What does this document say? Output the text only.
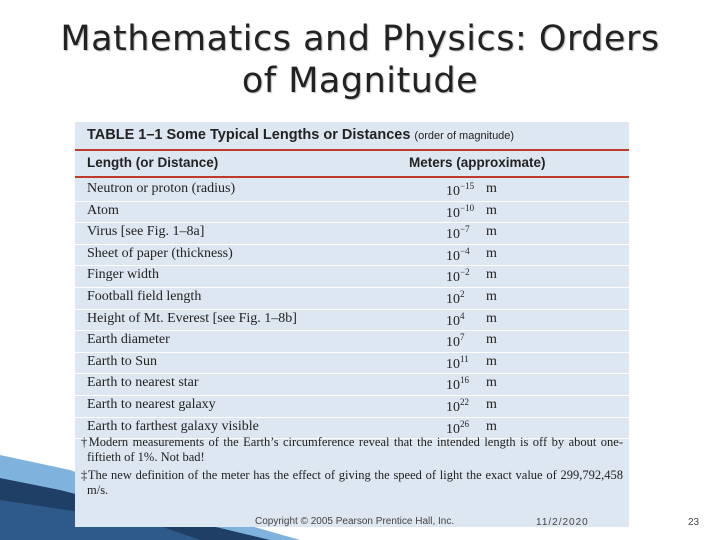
Mathematics and Physics: Orders of Magnitude
TABLE 1–1 Some Typical Lengths or Distances (order of magnitude)
Length (or Distance)	Meters (approximate)
Neutron or proton (radius)	$10^{-15}$ m
Atom	$10^{-10}$ m
Virus [see Fig. 1–8a]	$10^{-7}$ m
Sheet of paper (thickness)	$10^{-4}$ m
Finger width	$10^{-2}$ m
Football field length	$10^2$ m
Height of Mt. Everest [see Fig. 1–8b]	$10^4$ m
Earth diameter	$10^7$ m
Earth to Sun	$10^{11}$ m
Earth to nearest star	$10^{16}$ m
Earth to nearest galaxy	$10^{22}$ m
Earth to farthest galaxy visible	$10^{26}$ m
†Modern measurements of the Earth’s circumference reveal that the intended length is off by about one-fiftieth of 1%. Not bad!
‡The new definition of the meter has the effect of giving the speed of light the exact value of 299,792,458 m/s.
Copyright © 2005 Pearson Prentice Hall, Inc.	11/2/2020	23
